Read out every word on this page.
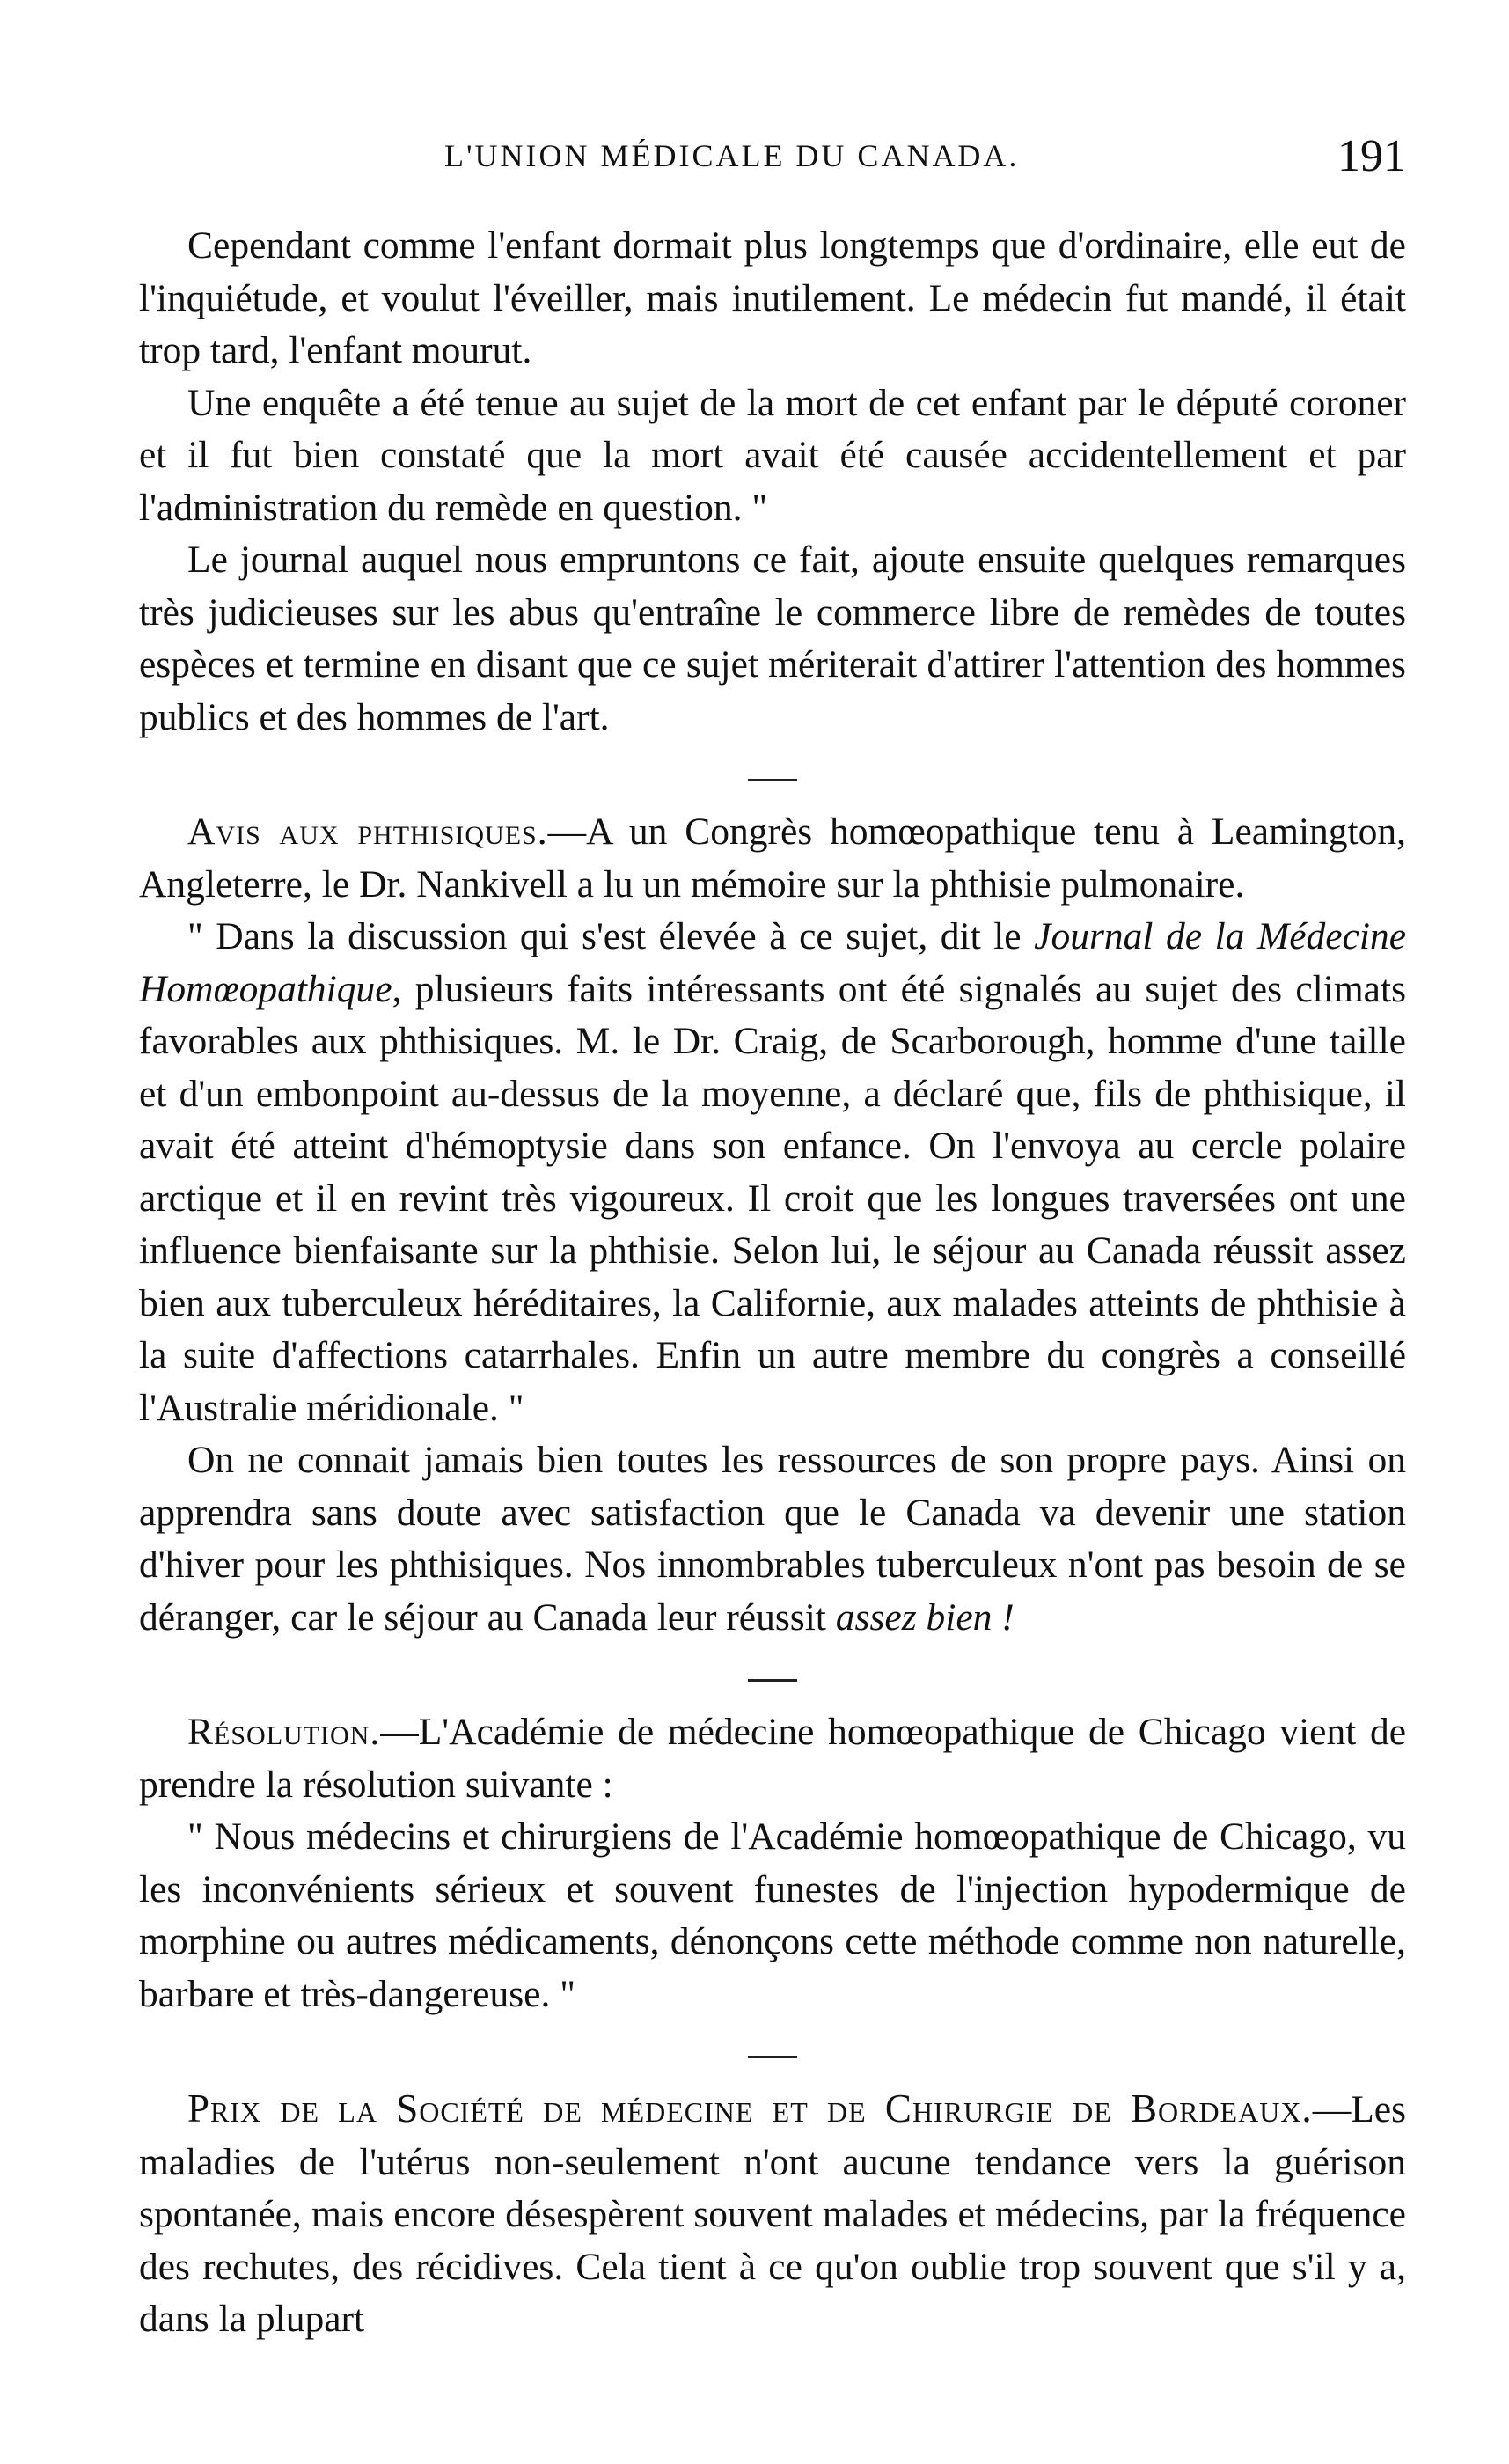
L'UNION MÉDICALE DU CANADA.	191

Cependant comme l'enfant dormait plus longtemps que d'ordinaire, elle eut de l'inquiétude, et voulut l'éveiller, mais inutilement. Le médecin fut mandé, il était trop tard, l'enfant mourut.

Une enquête a été tenue au sujet de la mort de cet enfant par le député coroner et il fut bien constaté que la mort avait été causée accidentellement et par l'administration du remède en question. "

Le journal auquel nous empruntons ce fait, ajoute ensuite quelques remarques très judicieuses sur les abus qu'entraîne le commerce libre de remèdes de toutes espèces et termine en disant que ce sujet mériterait d'attirer l'attention des hommes publics et des hommes de l'art.

Avis aux phthisiques.—A un Congrès homœopathique tenu à Leamington, Angleterre, le Dr. Nankivell a lu un mémoire sur la phthisie pulmonaire.

" Dans la discussion qui s'est élevée à ce sujet, dit le Journal de la Médecine Homœopathique, plusieurs faits intéressants ont été signalés au sujet des climats favorables aux phthisiques. M. le Dr. Craig, de Scarborough, homme d'une taille et d'un embonpoint au-dessus de la moyenne, a déclaré que, fils de phthisique, il avait été atteint d'hémoptysie dans son enfance. On l'envoya au cercle polaire arctique et il en revint très vigoureux. Il croit que les longues traversées ont une influence bienfaisante sur la phthisie. Selon lui, le séjour au Canada réussit assez bien aux tuberculeux héréditaires, la Californie, aux malades atteints de phthisie à la suite d'affections catarrhales. Enfin un autre membre du congrès a conseillé l'Australie méridionale. "

On ne connait jamais bien toutes les ressources de son propre pays. Ainsi on apprendra sans doute avec satisfaction que le Canada va devenir une station d'hiver pour les phthisiques. Nos innombrables tuberculeux n'ont pas besoin de se déranger, car le séjour au Canada leur réussit assez bien !

Résolution.—L'Académie de médecine homœopathique de Chicago vient de prendre la résolution suivante :

" Nous médecins et chirurgiens de l'Académie homœopathique de Chicago, vu les inconvénients sérieux et souvent funestes de l'injection hypodermique de morphine ou autres médicaments, dénonçons cette méthode comme non naturelle, barbare et très-dangereuse. "

Prix de la Société de médecine et de Chirurgie de Bordeaux.—Les maladies de l'utérus non-seulement n'ont aucune tendance vers la guérison spontanée, mais encore désespèrent souvent malades et médecins, par la fréquence des rechutes, des récidives. Cela tient à ce qu'on oublie trop souvent que s'il y a, dans la plupart
